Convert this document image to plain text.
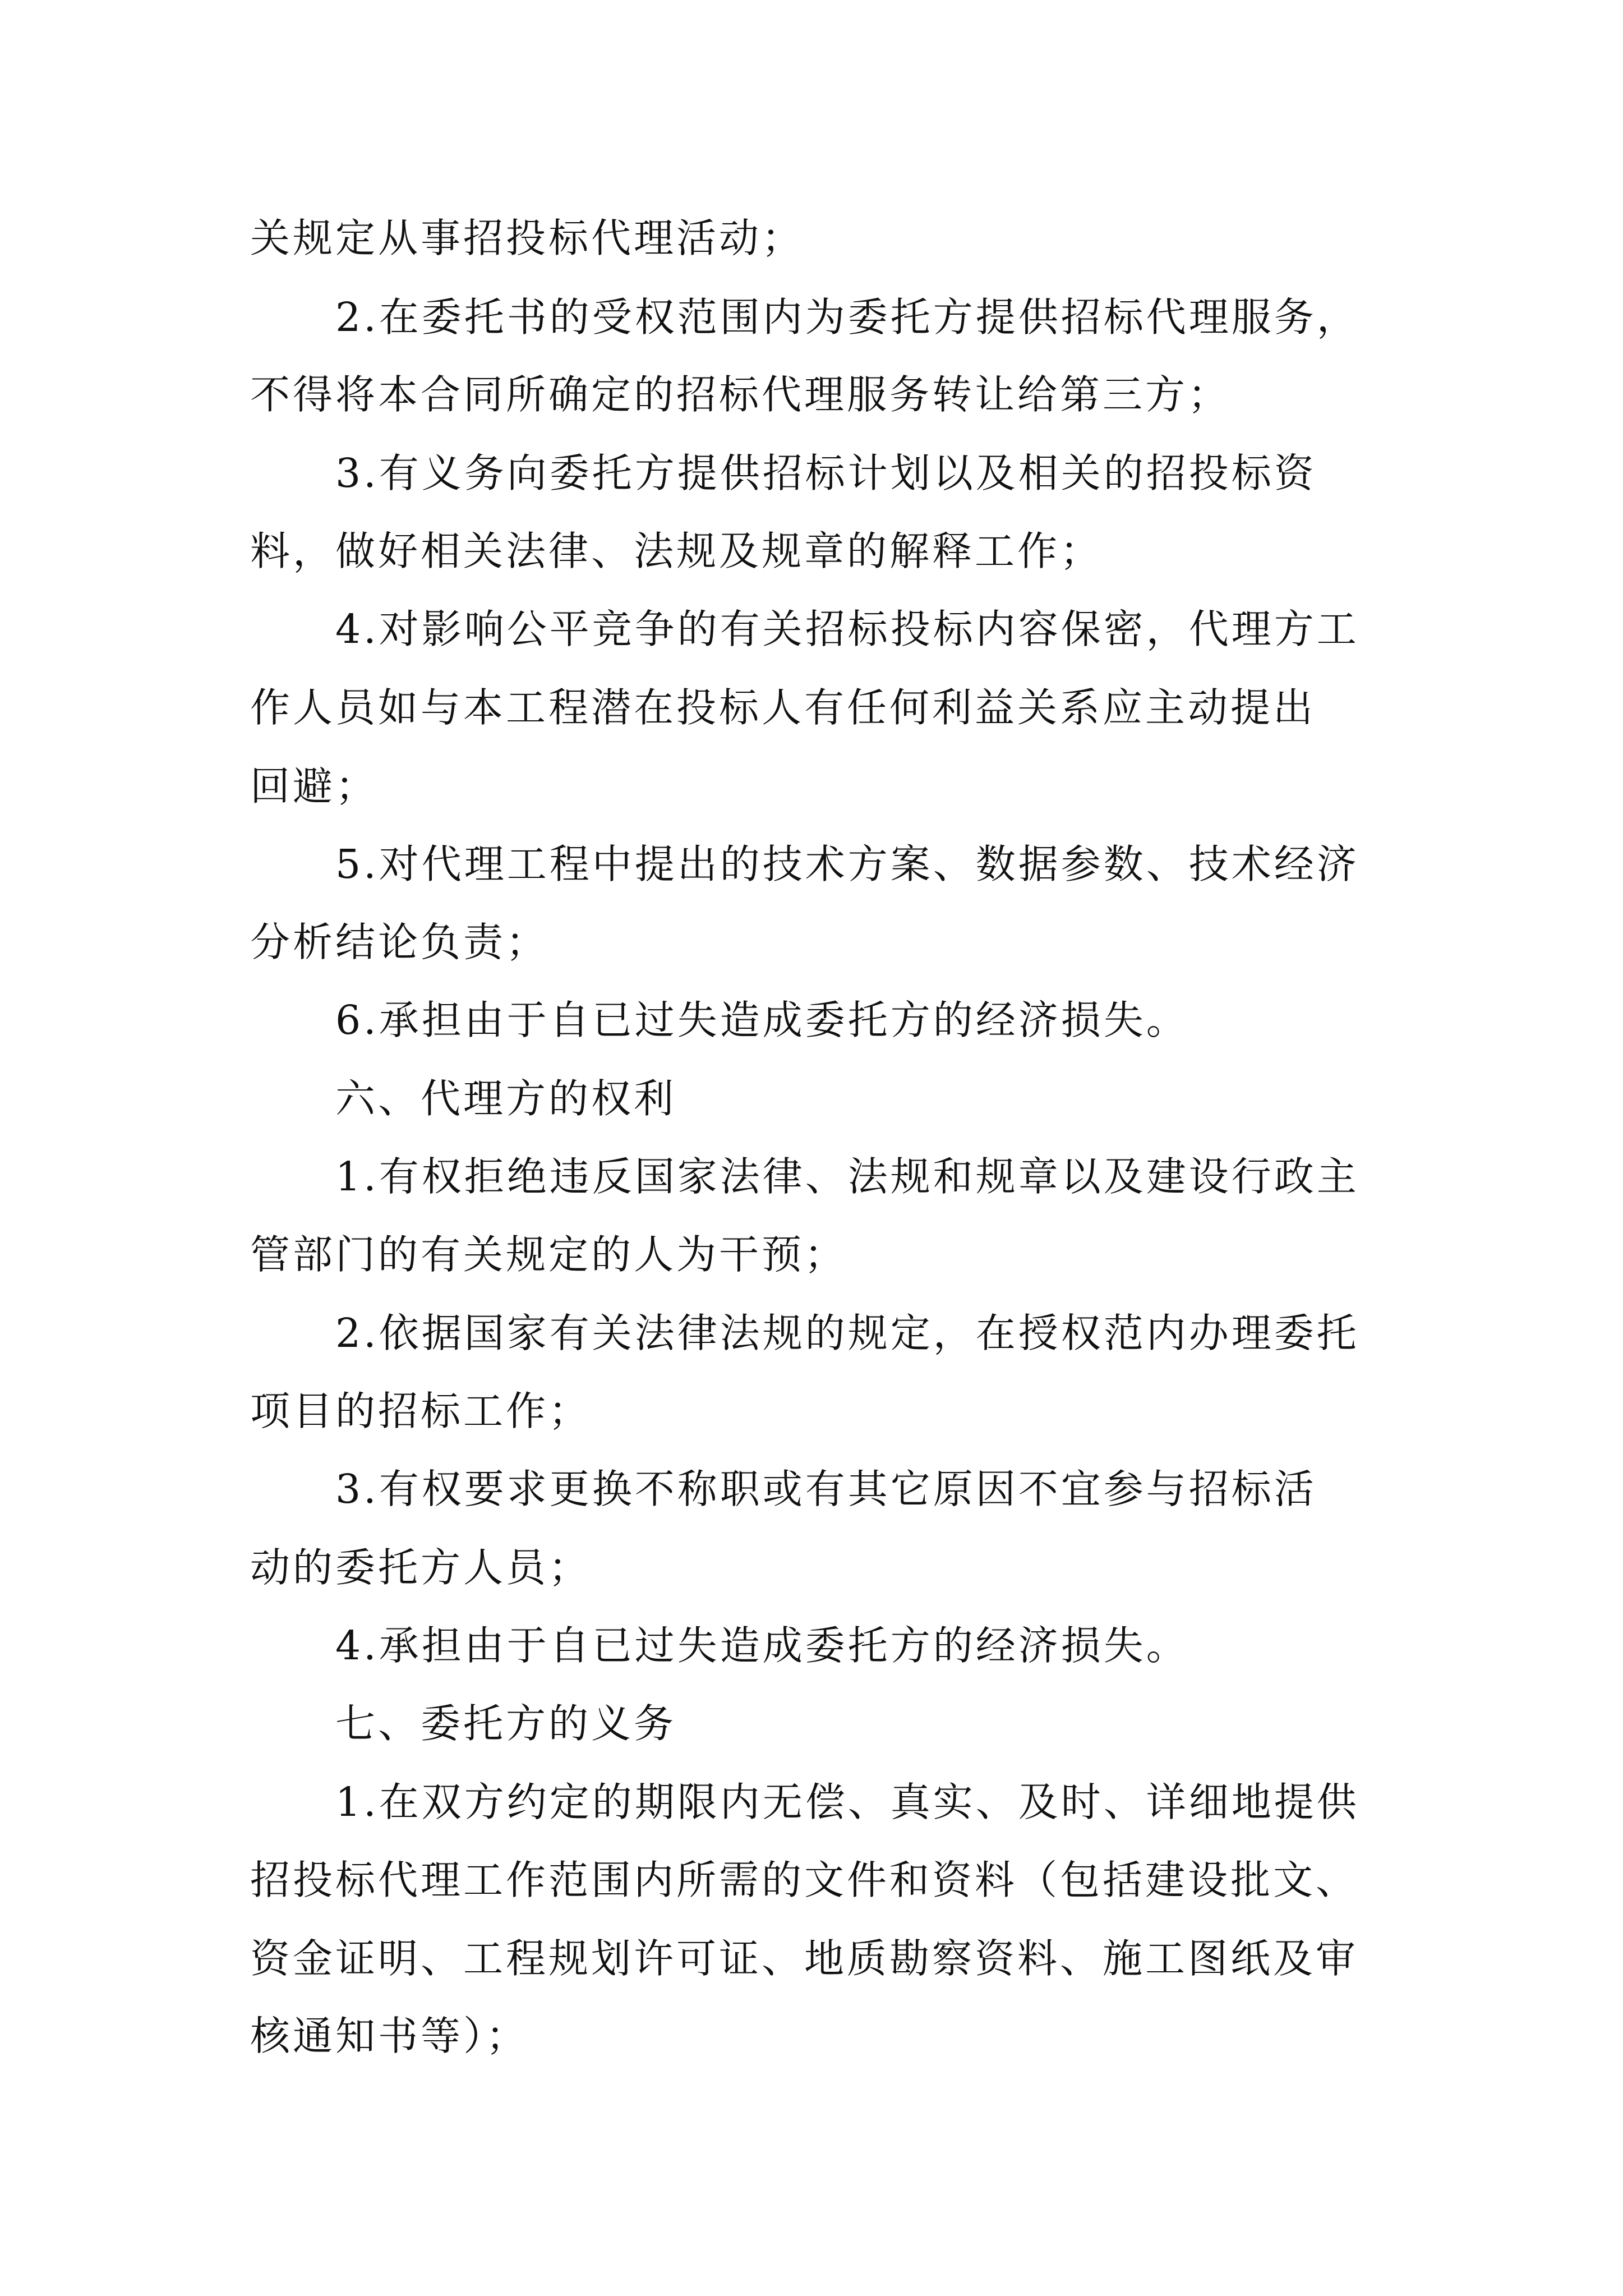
关规定从事招投标代理活动；
2.在委托书的受权范围内为委托方提供招标代理服务，
不得将本合同所确定的招标代理服务转让给第三方；
3.有义务向委托方提供招标计划以及相关的招投标资
料，做好相关法律、法规及规章的解释工作；
4.对影响公平竞争的有关招标投标内容保密，代理方工
作人员如与本工程潜在投标人有任何利益关系应主动提出
回避；
5.对代理工程中提出的技术方案、数据参数、技术经济
分析结论负责；
6.承担由于自已过失造成委托方的经济损失。
六、代理方的权利
1.有权拒绝违反国家法律、法规和规章以及建设行政主
管部门的有关规定的人为干预；
2.依据国家有关法律法规的规定，在授权范内办理委托
项目的招标工作；
3.有权要求更换不称职或有其它原因不宜参与招标活
动的委托方人员；
4.承担由于自已过失造成委托方的经济损失。
七、委托方的义务
1.在双方约定的期限内无偿、真实、及时、详细地提供
招投标代理工作范围内所需的文件和资料（包括建设批文、
资金证明、工程规划许可证、地质勘察资料、施工图纸及审
核通知书等）；
